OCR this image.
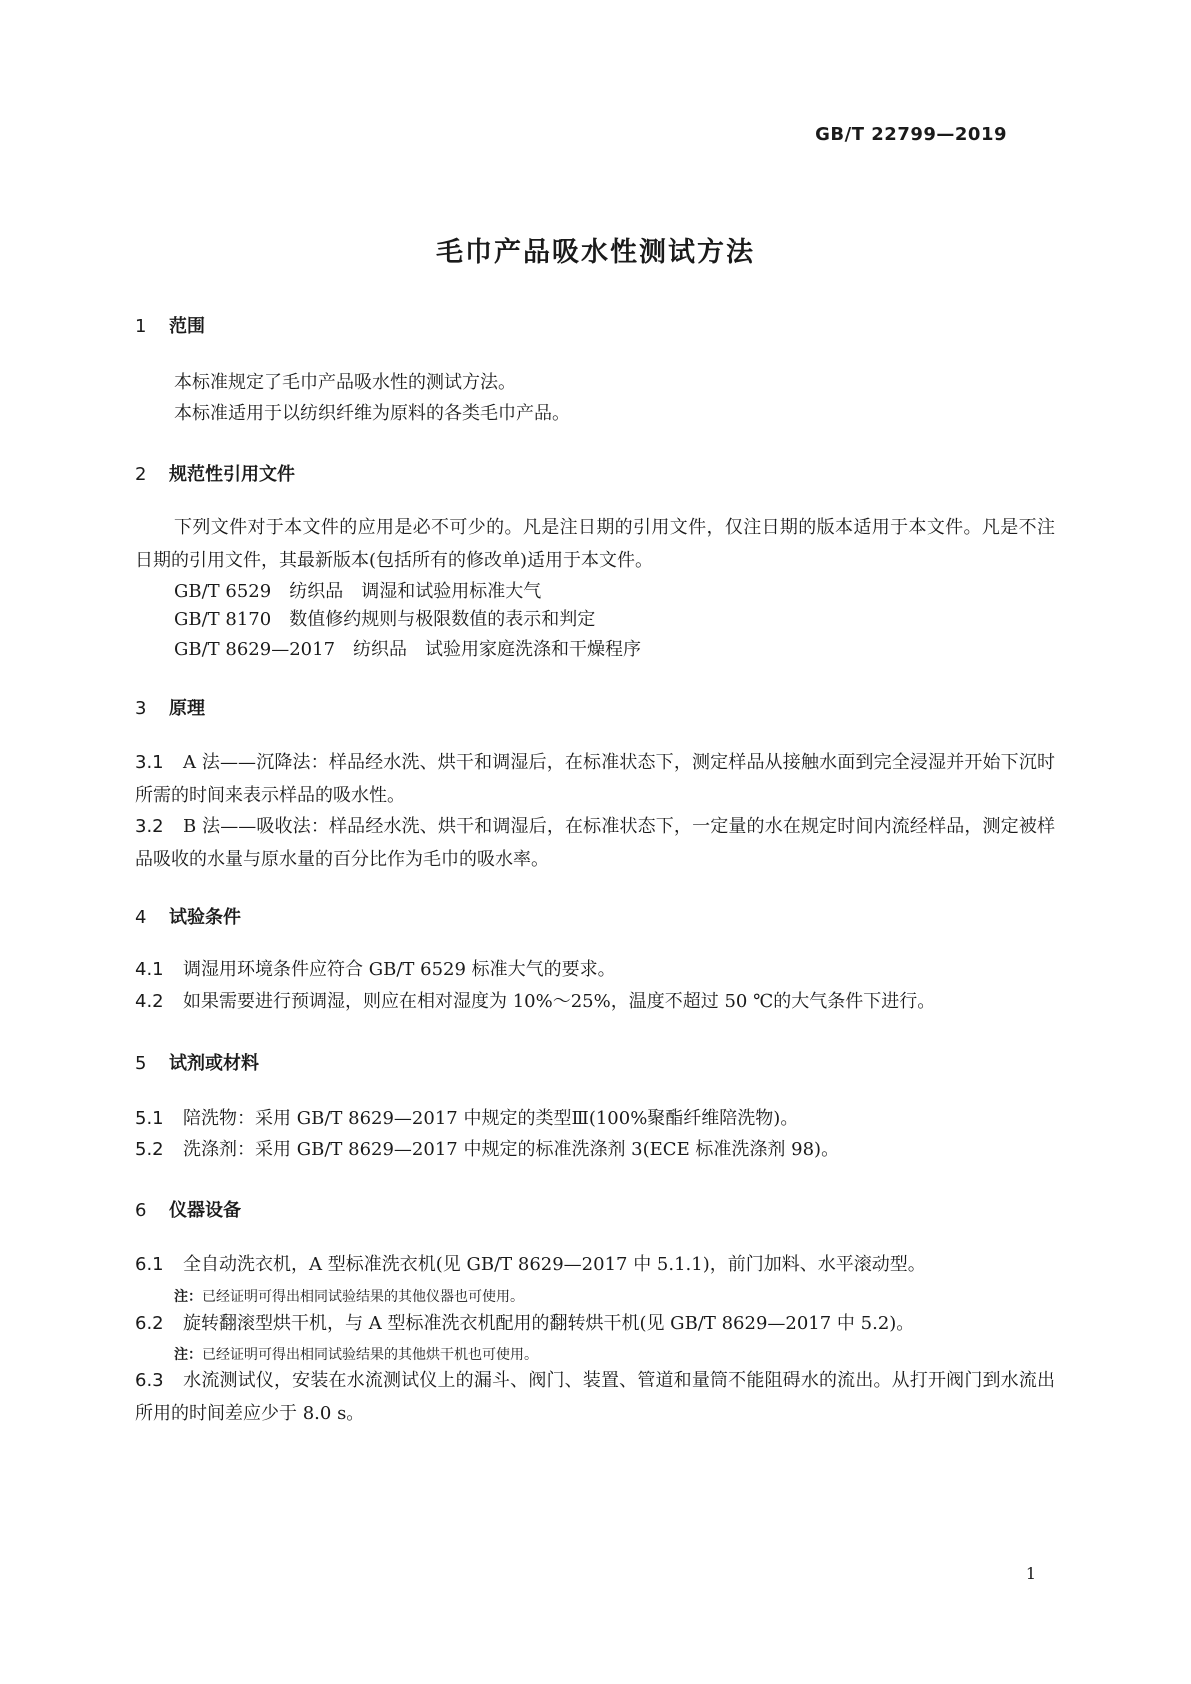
GB/T 22799—2019
毛巾产品吸水性测试方法
1 范围
本标准规定了毛巾产品吸水性的测试方法。
本标准适用于以纺织纤维为原料的各类毛巾产品。
2 规范性引用文件
下列文件对于本文件的应用是必不可少的。凡是注日期的引用文件，仅注日期的版本适用于本文件。凡是不注日期的引用文件，其最新版本(包括所有的修改单)适用于本文件。
GB/T 6529　纺织品　调湿和试验用标准大气
GB/T 8170　数值修约规则与极限数值的表示和判定
GB/T 8629—2017　纺织品　试验用家庭洗涤和干燥程序
3 原理
3.1 A 法——沉降法：样品经水洗、烘干和调湿后，在标准状态下，测定样品从接触水面到完全浸湿并开始下沉时所需的时间来表示样品的吸水性。
3.2 B 法——吸收法：样品经水洗、烘干和调湿后，在标准状态下，一定量的水在规定时间内流经样品，测定被样品吸收的水量与原水量的百分比作为毛巾的吸水率。
4 试验条件
4.1 调湿用环境条件应符合 GB/T 6529 标准大气的要求。
4.2 如果需要进行预调湿，则应在相对湿度为 10%～25%，温度不超过 50 ℃的大气条件下进行。
5 试剂或材料
5.1 陪洗物：采用 GB/T 8629—2017 中规定的类型Ⅲ(100%聚酯纤维陪洗物)。
5.2 洗涤剂：采用 GB/T 8629—2017 中规定的标准洗涤剂 3(ECE 标准洗涤剂 98)。
6 仪器设备
6.1 全自动洗衣机，A 型标准洗衣机(见 GB/T 8629—2017 中 5.1.1)，前门加料、水平滚动型。
注：已经证明可得出相同试验结果的其他仪器也可使用。
6.2 旋转翻滚型烘干机，与 A 型标准洗衣机配用的翻转烘干机(见 GB/T 8629—2017 中 5.2)。
注：已经证明可得出相同试验结果的其他烘干机也可使用。
6.3 水流测试仪，安装在水流测试仪上的漏斗、阀门、装置、管道和量筒不能阻碍水的流出。从打开阀门到水流出所用的时间差应少于 8.0 s。
1
